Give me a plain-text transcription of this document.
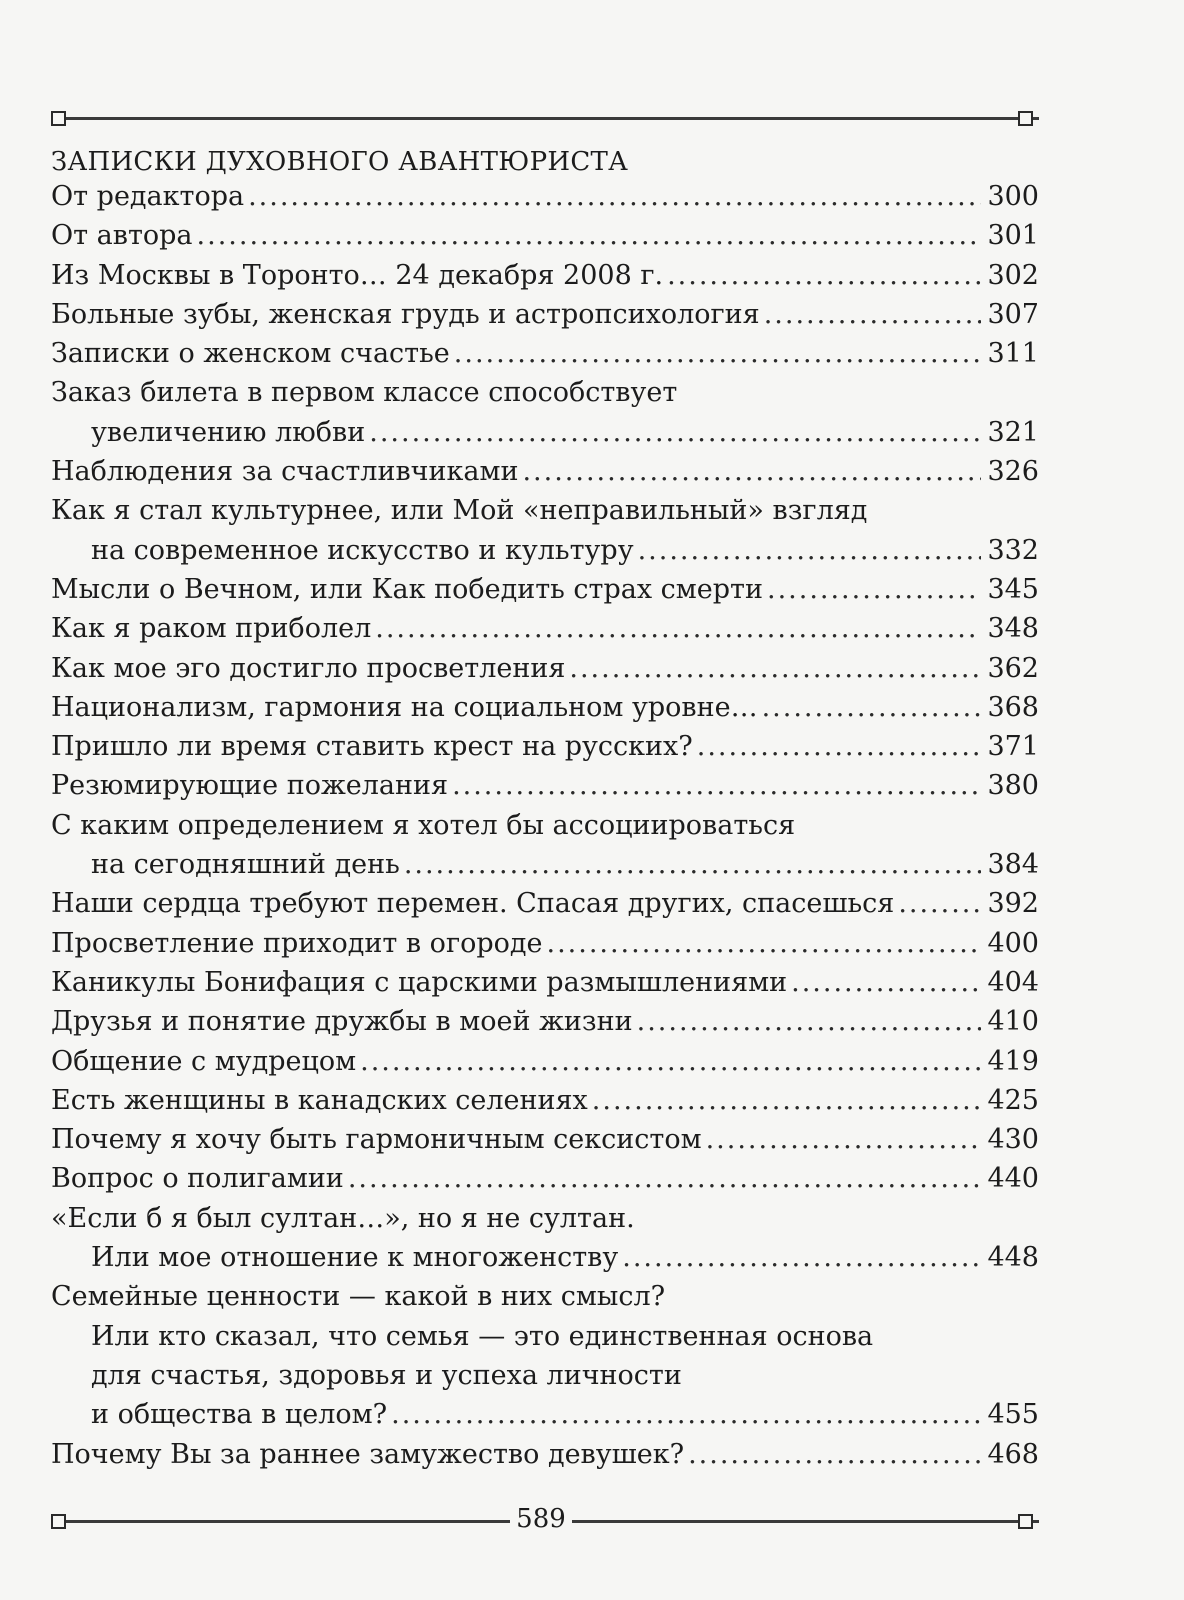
ЗАПИСКИ ДУХОВНОГО АВАНТЮРИСТА
От редактора .....	300
От автора .....	301
Из Москвы в Торонто… 24 декабря 2008 г. .....	302
Больные зубы, женская грудь и астропсихология .....	307
Записки о женском счастье .....	311
Заказ билета в первом классе способствует
увеличению любви .....	321
Наблюдения за счастливчиками .....	326
Как я стал культурнее, или Мой «неправильный» взгляд
на современное искусство и культуру .....	332
Мысли о Вечном, или Как победить страх смерти .....	345
Как я раком приболел .....	348
Как мое эго достигло просветления .....	362
Национализм, гармония на социальном уровне… .....	368
Пришло ли время ставить крест на русских? .....	371
Резюмирующие пожелания .....	380
С каким определением я хотел бы ассоциироваться
на сегодняшний день .....	384
Наши сердца требуют перемен. Спасая других, спасешься .....	392
Просветление приходит в огороде .....	400
Каникулы Бонифация с царскими размышлениями .....	404
Друзья и понятие дружбы в моей жизни .....	410
Общение с мудрецом .....	419
Есть женщины в канадских селениях .....	425
Почему я хочу быть гармоничным сексистом .....	430
Вопрос о полигамии .....	440
«Если б я был султан…», но я не султан.
Или мое отношение к многоженству .....	448
Семейные ценности — какой в них смысл?
Или кто сказал, что семья — это единственная основа
для счастья, здоровья и успеха личности
и общества в целом? .....	455
Почему Вы за раннее замужество девушек? .....	468
589
